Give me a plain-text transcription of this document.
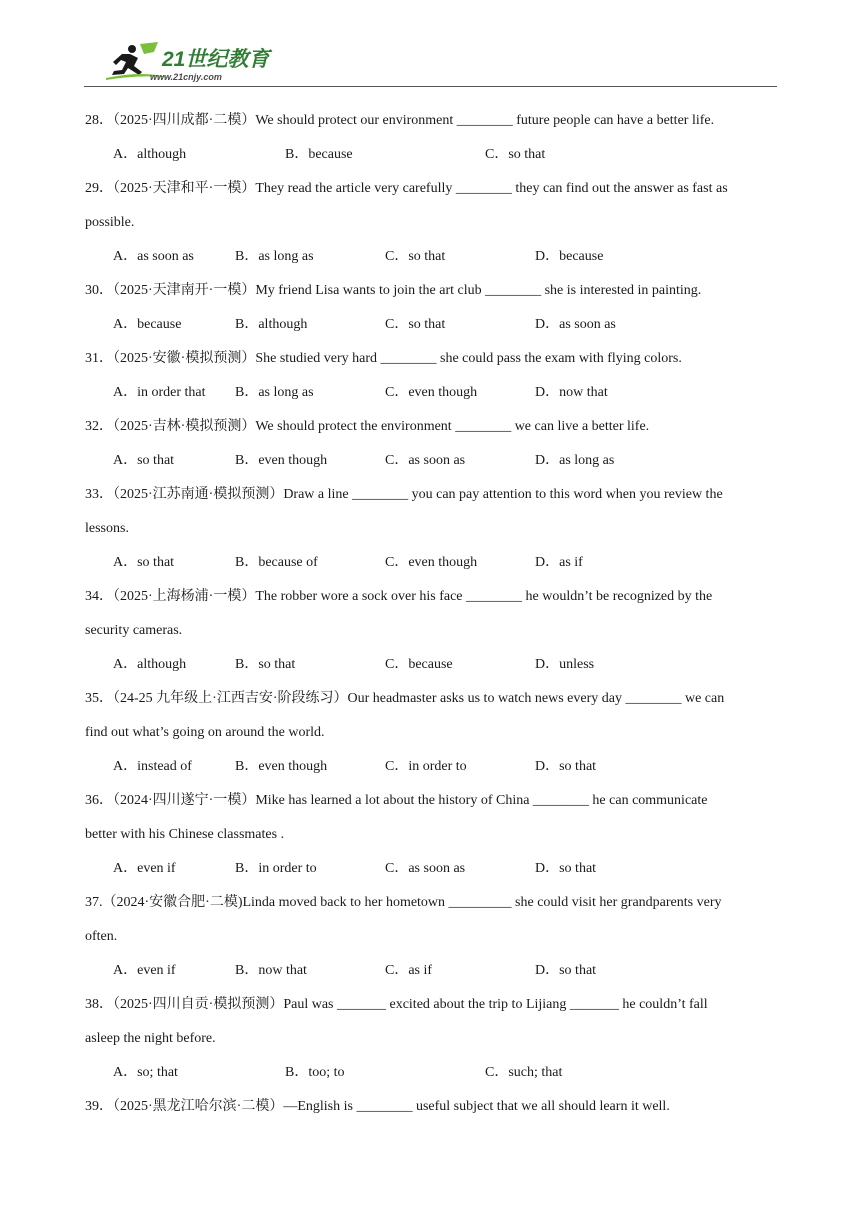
21世纪教育
www.21cnjy.com
28．（2025·四川成都·二模）We should protect our environment ________ future people can have a better life.
A．although	B．because	C．so that
29．（2025·天津和平·一模）They read the article very carefully ________ they can find out the answer as fast as
possible.
A．as soon as	B．as long as	C．so that	D．because
30．（2025·天津南开·一模）My friend Lisa wants to join the art club ________ she is interested in painting.
A．because	B．although	C．so that	D．as soon as
31．（2025·安徽·模拟预测）She studied very hard ________ she could pass the exam with flying colors.
A．in order that B．as long as	C．even though	D．now that
32．（2025·吉林·模拟预测）We should protect the environment ________ we can live a better life.
A．so that	B．even though	C．as soon as	D．as long as
33．（2025·江苏南通·模拟预测）Draw a line ________ you can pay attention to this word when you review the
lessons.
A．so that	B．because of	C．even though	D．as if
34．（2025·上海杨浦·一模）The robber wore a sock over his face ________ he wouldn’t be recognized by the
security cameras.
A．although	B．so that	C．because	D．unless
35．（24-25 九年级上·江西吉安·阶段练习）Our headmaster asks us to watch news every day ________ we can
find out what’s going on around the world.
A．instead of	B．even though	C．in order to	D．so that
36．（2024·四川遂宁·一模）Mike has learned a lot about the history of China ________ he can communicate
better with his Chinese classmates .
A．even if	B．in order to	C．as soon as	D．so that
37.（2024·安徽合肥·二模)Linda moved back to her hometown _________ she could visit her grandparents very
often.
A．even if	B．now that	C．as if	D．so that
38．（2025·四川自贡·模拟预测）Paul was _______ excited about the trip to Lijiang _______ he couldn’t fall
asleep the night before.
A．so; that	B．too; to	C．such; that
39．（2025·黑龙江哈尔滨·二模）—English is ________ useful subject that we all should learn it well.
